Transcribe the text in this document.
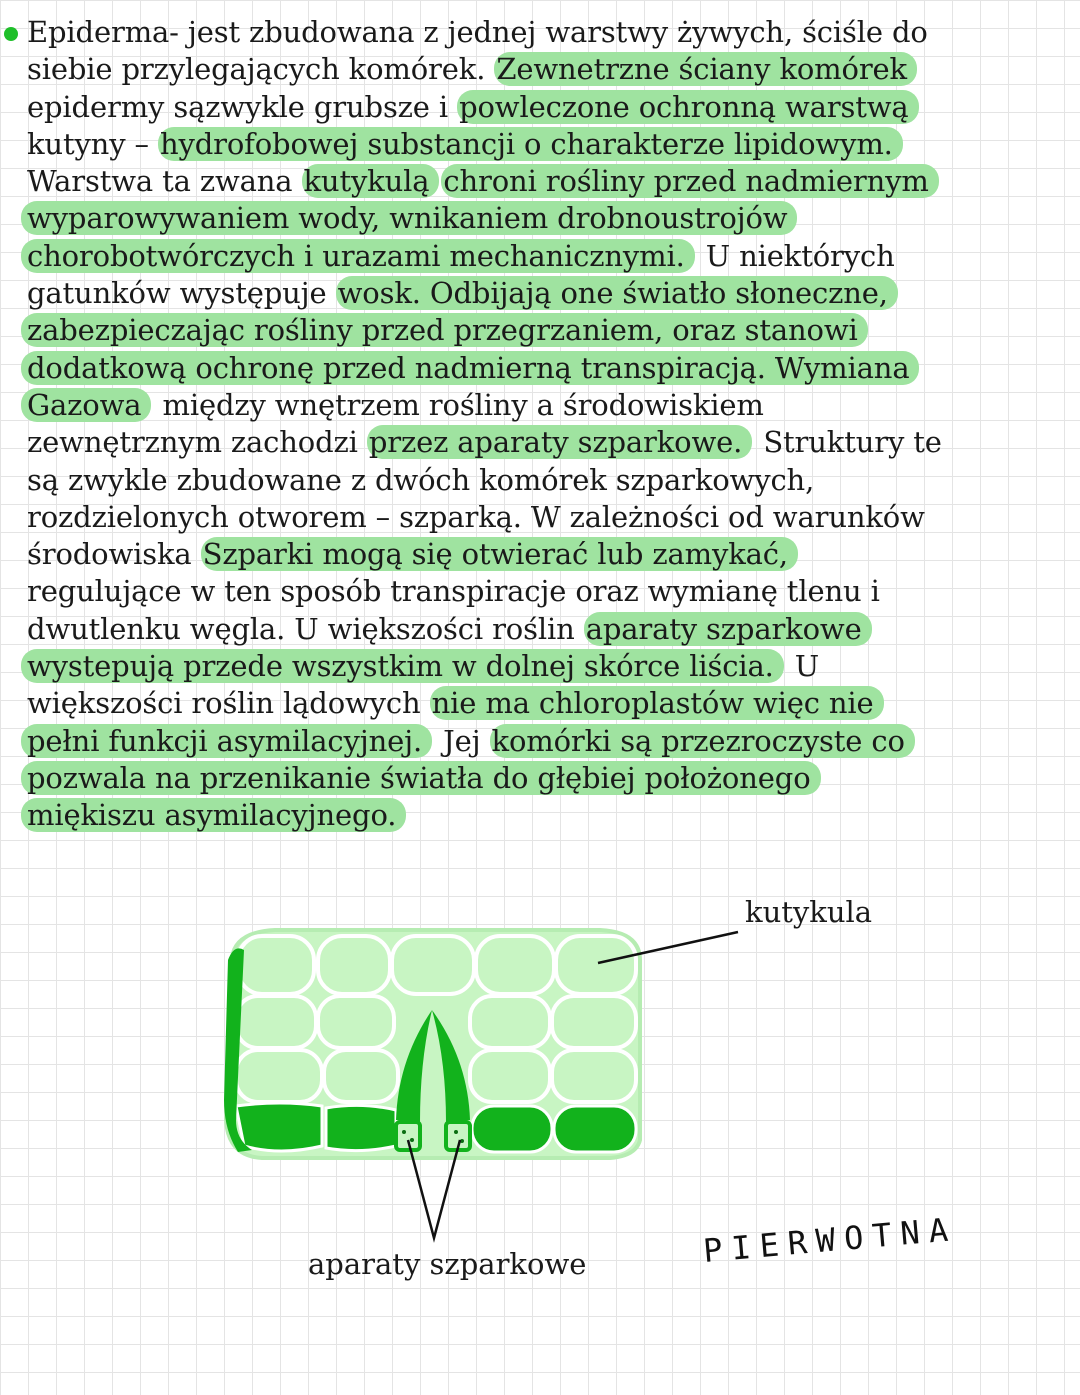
Epiderma- jest zbudowana z jednej warstwy żywych, ściśle do
siebie przylegających komórek. Zewnetrzne ściany komórek
epidermy sązwykle grubsze i powleczone ochronną warstwą
kutyny – hydrofobowej substancji o charakterze lipidowym.
Warstwa ta zwana kutykulą chroni rośliny przed nadmiernym
wyparowywaniem wody, wnikaniem drobnoustrojów
chorobotwórczych i urazami mechanicznymi. U niektórych
gatunków występuje wosk. Odbijają one światło słoneczne,
zabezpieczając rośliny przed przegrzaniem, oraz stanowi
dodatkową ochronę przed nadmierną transpiracją. Wymiana
Gazowa między wnętrzem rośliny a środowiskiem
zewnętrznym zachodzi przez aparaty szparkowe. Struktury te
są zwykle zbudowane z dwóch komórek szparkowych,
rozdzielonych otworem – szparką. W zależności od warunków
środowiska Szparki mogą się otwierać lub zamykać,
regulujące w ten sposób transpiracje oraz wymianę tlenu i
dwutlenku węgla. U większości roślin aparaty szparkowe
wystepują przede wszystkim w dolnej skórce liścia. U
większości roślin lądowych nie ma chloroplastów więc nie
pełni funkcji asymilacyjnej. Jej komórki są przezroczyste co
pozwala na przenikanie światła do głębiej położonego
miękiszu asymilacyjnego.
kutykula
aparaty szparkowe	PIERWOTNA
